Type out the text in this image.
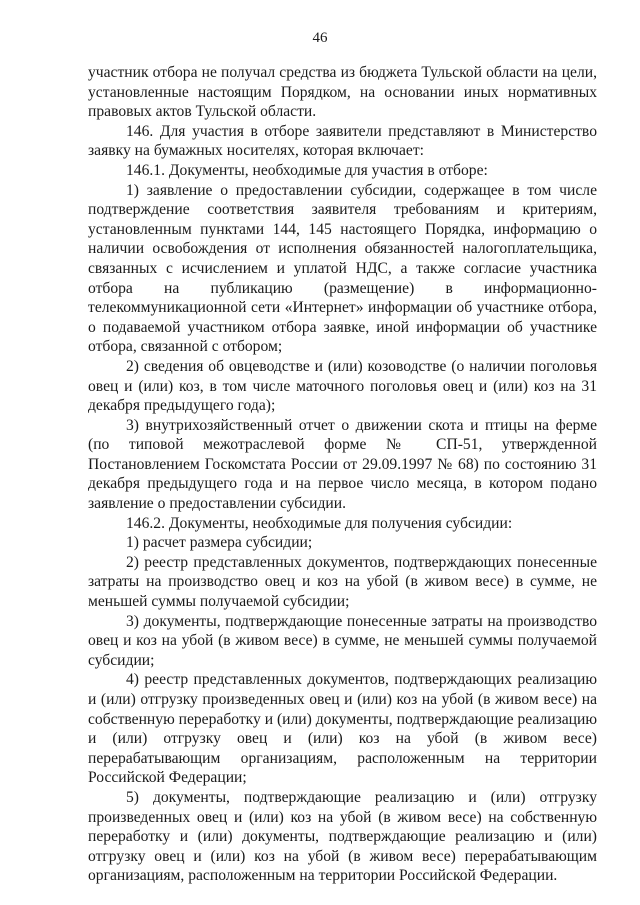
46

участник отбора не получал средства из бюджета Тульской области на цели, установленные настоящим Порядком, на основании иных нормативных правовых актов Тульской области.

146. Для участия в отборе заявители представляют в Министерство заявку на бумажных носителях, которая включает:

146.1. Документы, необходимые для участия в отборе:

1) заявление о предоставлении субсидии, содержащее в том числе подтверждение соответствия заявителя требованиям и критериям, установленным пунктами 144, 145 настоящего Порядка, информацию о наличии освобождения от исполнения обязанностей налогоплательщика, связанных с исчислением и уплатой НДС, а также согласие участника отбора на публикацию (размещение) в информационно-телекоммуникационной сети «Интернет» информации об участнике отбора, о подаваемой участником отбора заявке, иной информации об участнике отбора, связанной с отбором;

2) сведения об овцеводстве и (или) козоводстве (о наличии поголовья овец и (или) коз, в том числе маточного поголовья овец и (или) коз на 31 декабря предыдущего года);

3) внутрихозяйственный отчет о движении скота и птицы на ферме (по типовой межотраслевой форме № СП-51, утвержденной Постановлением Госкомстата России от 29.09.1997 № 68) по состоянию 31 декабря предыдущего года и на первое число месяца, в котором подано заявление о предоставлении субсидии.

146.2. Документы, необходимые для получения субсидии:

1) расчет размера субсидии;

2) реестр представленных документов, подтверждающих понесенные затраты на производство овец и коз на убой (в живом весе) в сумме, не меньшей суммы получаемой субсидии;

3) документы, подтверждающие понесенные затраты на производство овец и коз на убой (в живом весе) в сумме, не меньшей суммы получаемой субсидии;

4) реестр представленных документов, подтверждающих реализацию и (или) отгрузку произведенных овец и (или) коз на убой (в живом весе) на собственную переработку и (или) документы, подтверждающие реализацию и (или) отгрузку овец и (или) коз на убой (в живом весе) перерабатывающим организациям, расположенным на территории Российской Федерации;

5) документы, подтверждающие реализацию и (или) отгрузку произведенных овец и (или) коз на убой (в живом весе) на собственную переработку и (или) документы, подтверждающие реализацию и (или) отгрузку овец и (или) коз на убой (в живом весе) перерабатывающим организациям, расположенным на территории Российской Федерации.
